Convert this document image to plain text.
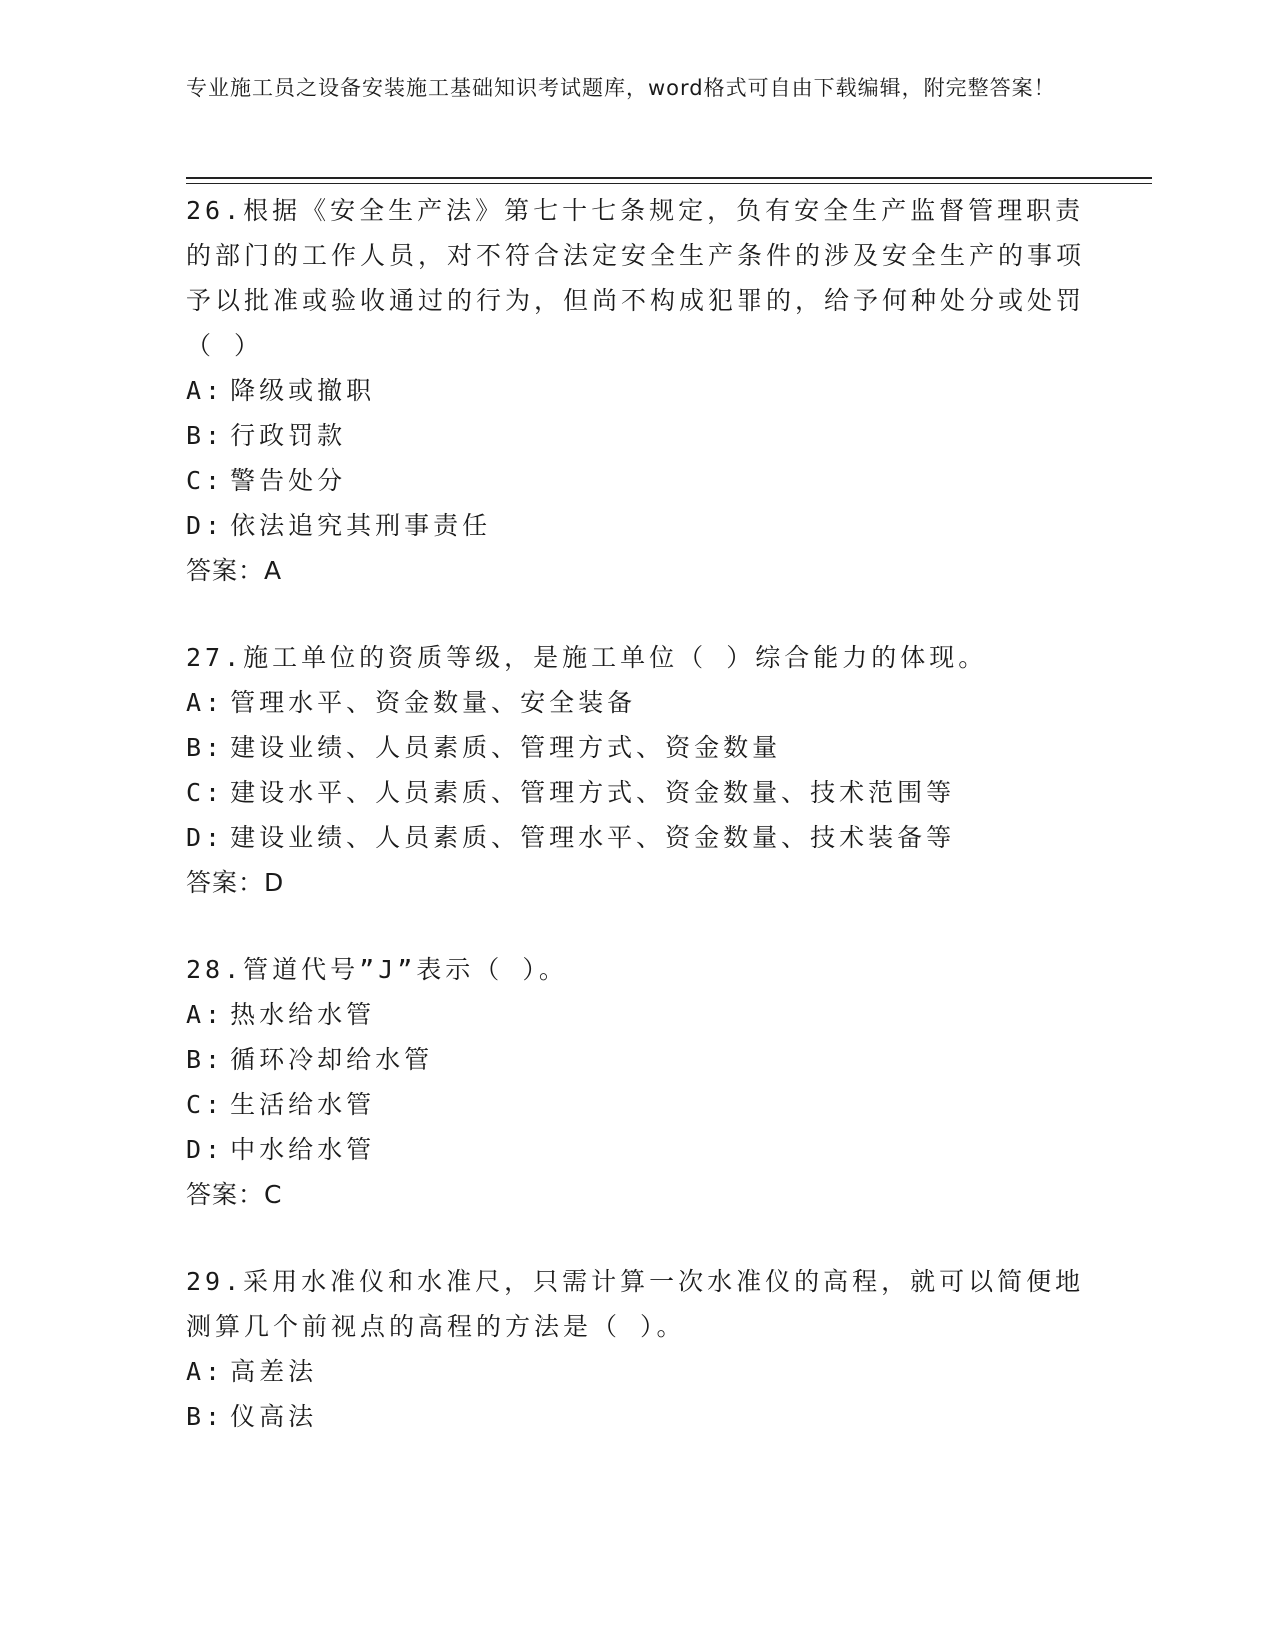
专业施工员之设备安装施工基础知识考试题库，word格式可自由下载编辑，附完整答案！

26.根据《安全生产法》第七十七条规定，负有安全生产监督管理职责的部门的工作人员，对不符合法定安全生产条件的涉及安全生产的事项予以批准或验收通过的行为，但尚不构成犯罪的，给予何种处分或处罚（ ）

A: 降级或撤职

B: 行政罚款

C: 警告处分

D: 依法追究其刑事责任

答案：A

27.施工单位的资质等级，是施工单位（ ）综合能力的体现。

A: 管理水平、资金数量、安全装备

B: 建设业绩、人员素质、管理方式、资金数量

C: 建设水平、人员素质、管理方式、资金数量、技术范围等

D: 建设业绩、人员素质、管理水平、资金数量、技术装备等

答案：D

28.管道代号”J”表示（ ）。

A: 热水给水管

B: 循环冷却给水管

C: 生活给水管

D: 中水给水管

答案：C

29.采用水准仪和水准尺，只需计算一次水准仪的高程，就可以简便地测算几个前视点的高程的方法是（ ）。

A: 高差法

B: 仪高法
